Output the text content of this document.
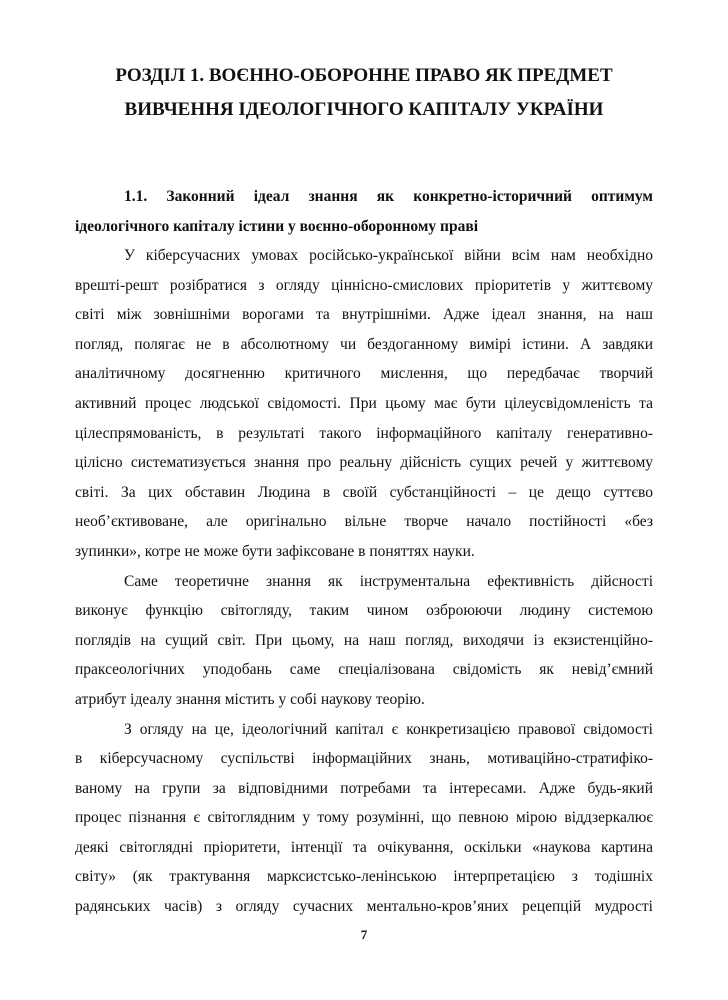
РОЗДІЛ 1. ВОЄННО-ОБОРОННЕ ПРАВО ЯК ПРЕДМЕТ
ВИВЧЕННЯ ІДЕОЛОГІЧНОГО КАПІТАЛУ УКРАЇНИ
1.1. Законний ідеал знання як конкретно-історичний оптимум
ідеологічного капіталу істини у воєнно-оборонному праві
У кіберсучасних умовах російсько-української війни всім нам необхідно
врешті-решт розібратися з огляду ціннісно-смислових пріоритетів у життєвому
світі між зовнішніми ворогами та внутрішніми. Адже ідеал знання, на наш
погляд, полягає не в абсолютному чи бездоганному вимірі істини. А завдяки
аналітичному досягненню критичного мислення, що передбачає творчий
активний процес людської свідомості. При цьому має бути цілеусвідомленість та
цілеспрямованість, в результаті такого інформаційного капіталу генеративно-
цілісно систематизується знання про реальну дійсність сущих речей у життєвому
світі. За цих обставин Людина в своїй субстанційності – це дещо суттєво
необ’єктивоване, але оригінально вільне творче начало постійності «без
зупинки», котре не може бути зафіксоване в поняттях науки.
Саме теоретичне знання як інструментальна ефективність дійсності
виконує функцію світогляду, таким чином озброюючи людину системою
поглядів на сущий світ. При цьому, на наш погляд, виходячи із екзистенційно-
праксеологічних уподобань саме спеціалізована свідомість як невід’ємний
атрибут ідеалу знання містить у собі наукову теорію.
З огляду на це, ідеологічний капітал є конкретизацією правової свідомості
в кіберсучасному суспільстві інформаційних знань, мотиваційно-стратифіко-
ваному на групи за відповідними потребами та інтересами. Адже будь-який
процес пізнання є світоглядним у тому розумінні, що певною мірою віддзеркалює
деякі світоглядні пріоритети, інтенції та очікування, оскільки «наукова картина
світу» (як трактування марксистсько-ленінською інтерпретацією з тодішніх
радянських часів) з огляду сучасних ментально-кров’яних рецепцій мудрості
7
